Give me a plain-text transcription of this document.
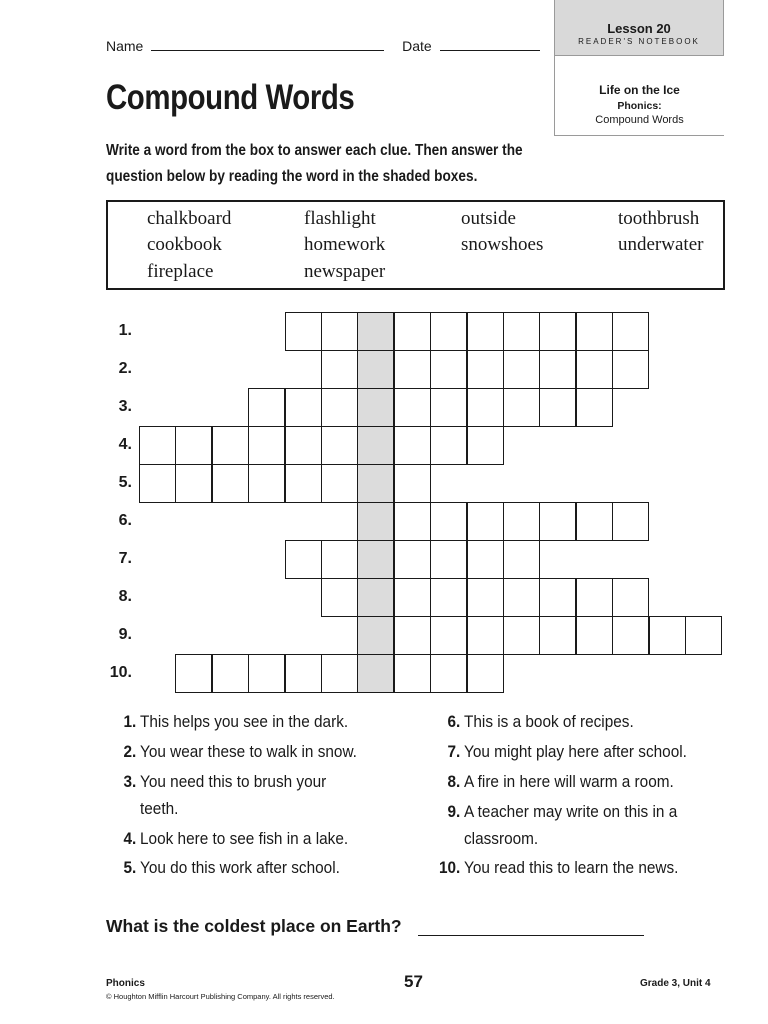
Lesson 20
READER'S NOTEBOOK
Life on the Ice
Phonics:
Compound Words
Name	Date
Compound Words
Write a word from the box to answer each clue. Then answer the question below by reading the word in the shaded boxes.
chalkboard	flashlight	outside	toothbrush
cookbook	homework	snowshoes	underwater
fireplace	newspaper
1.
2.
3.
4.
5.
6.
7.
8.
9.
10.
1. This helps you see in the dark.
2. You wear these to walk in snow.
3. You need this to brush your teeth.
4. Look here to see fish in a lake.
5. You do this work after school.
6. This is a book of recipes.
7. You might play here after school.
8. A fire in here will warm a room.
9. A teacher may write on this in a classroom.
10. You read this to learn the news.
What is the coldest place on Earth?
Phonics
© Houghton Mifflin Harcourt Publishing Company. All rights reserved.
57	Grade 3, Unit 4
